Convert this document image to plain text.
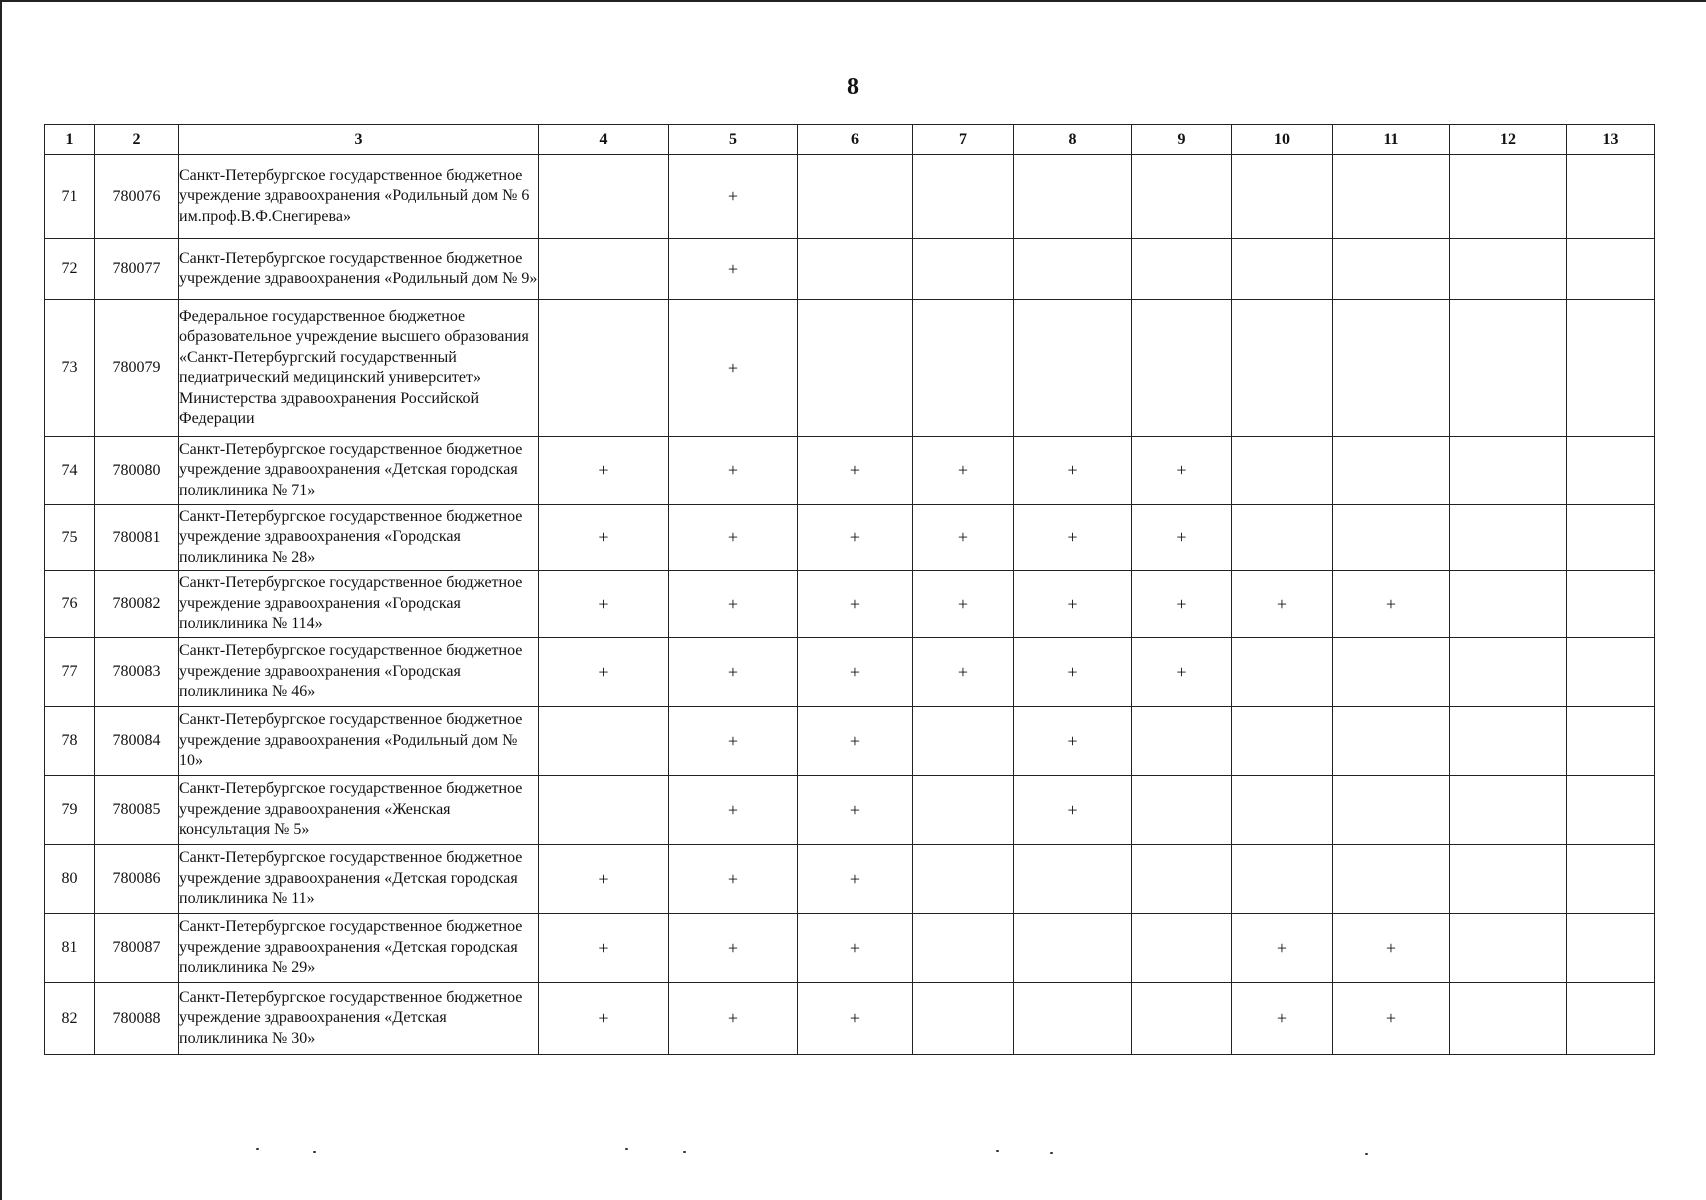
8
1	2	3	4	5	6	7	8	9	10	11	12	13
71	780076	Санкт-Петербургское государственное бюджетное учреждение здравоохранения «Родильный дом № 6 им.проф.В.Ф.Снегирева»		+								
72	780077	Санкт-Петербургское государственное бюджетное учреждение здравоохранения «Родильный дом № 9»		+								
73	780079	Федеральное государственное бюджетное образовательное учреждение высшего образования «Санкт-Петербургский государственный педиатрический медицинский университет» Министерства здравоохранения Российской Федерации		+								
74	780080	Санкт-Петербургское государственное бюджетное учреждение здравоохранения «Детская городская поликлиника № 71»	+	+	+	+	+	+				
75	780081	Санкт-Петербургское государственное бюджетное учреждение здравоохранения «Городская поликлиника № 28»	+	+	+	+	+	+				
76	780082	Санкт-Петербургское государственное бюджетное учреждение здравоохранения «Городская поликлиника № 114»	+	+	+	+	+	+	+	+		
77	780083	Санкт-Петербургское государственное бюджетное учреждение здравоохранения «Городская поликлиника № 46»	+	+	+	+	+	+				
78	780084	Санкт-Петербургское государственное бюджетное учреждение здравоохранения «Родильный дом № 10»		+	+		+					
79	780085	Санкт-Петербургское государственное бюджетное учреждение здравоохранения «Женская консультация № 5»		+	+		+					
80	780086	Санкт-Петербургское государственное бюджетное учреждение здравоохранения «Детская городская поликлиника № 11»	+	+	+							
81	780087	Санкт-Петербургское государственное бюджетное учреждение здравоохранения «Детская городская поликлиника № 29»	+	+	+				+	+		
82	780088	Санкт-Петербургское государственное бюджетное учреждение здравоохранения «Детская поликлиника № 30»	+	+	+				+	+		
